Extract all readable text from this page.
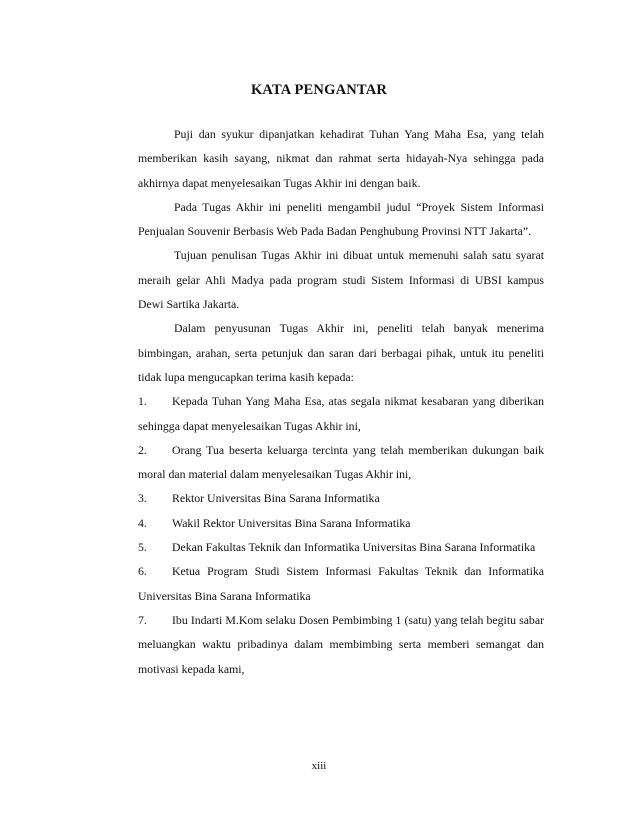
KATA PENGANTAR

Puji dan syukur dipanjatkan kehadirat Tuhan Yang Maha Esa, yang telah memberikan kasih sayang, nikmat dan rahmat serta hidayah-Nya sehingga pada akhirnya dapat menyelesaikan Tugas Akhir ini dengan baik.

Pada Tugas Akhir ini peneliti mengambil judul “Proyek Sistem Informasi Penjualan Souvenir Berbasis Web Pada Badan Penghubung Provinsi NTT Jakarta”.

Tujuan penulisan Tugas Akhir ini dibuat untuk memenuhi salah satu syarat meraih gelar Ahli Madya pada program studi Sistem Informasi di UBSI kampus Dewi Sartika Jakarta.

Dalam penyusunan Tugas Akhir ini, peneliti telah banyak menerima bimbingan, arahan, serta petunjuk dan saran dari berbagai pihak, untuk itu peneliti tidak lupa mengucapkan terima kasih kepada:

1. Kepada Tuhan Yang Maha Esa, atas segala nikmat kesabaran yang diberikan sehingga dapat menyelesaikan Tugas Akhir ini,
2. Orang Tua beserta keluarga tercinta yang telah memberikan dukungan baik moral dan material dalam menyelesaikan Tugas Akhir ini,
3. Rektor Universitas Bina Sarana Informatika
4. Wakil Rektor Universitas Bina Sarana Informatika
5. Dekan Fakultas Teknik dan Informatika Universitas Bina Sarana Informatika
6. Ketua Program Studi Sistem Informasi Fakultas Teknik dan Informatika Universitas Bina Sarana Informatika
7. Ibu Indarti M.Kom selaku Dosen Pembimbing 1 (satu) yang telah begitu sabar meluangkan waktu pribadinya dalam membimbing serta memberi semangat dan motivasi kepada kami,
xiii
